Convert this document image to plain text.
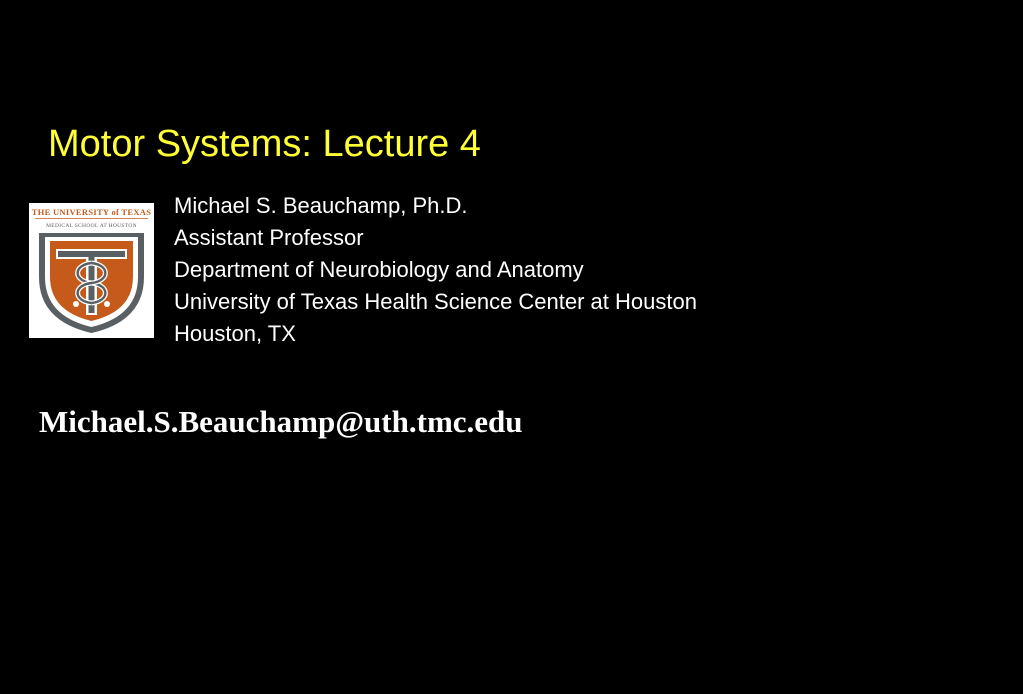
Motor Systems: Lecture 4
THE UNIVERSITY of TEXAS
MEDICAL SCHOOL AT HOUSTON
Michael S. Beauchamp, Ph.D.
Assistant Professor
Department of Neurobiology and Anatomy
University of Texas Health Science Center at Houston
Houston, TX
Michael.S.Beauchamp@uth.tmc.edu
